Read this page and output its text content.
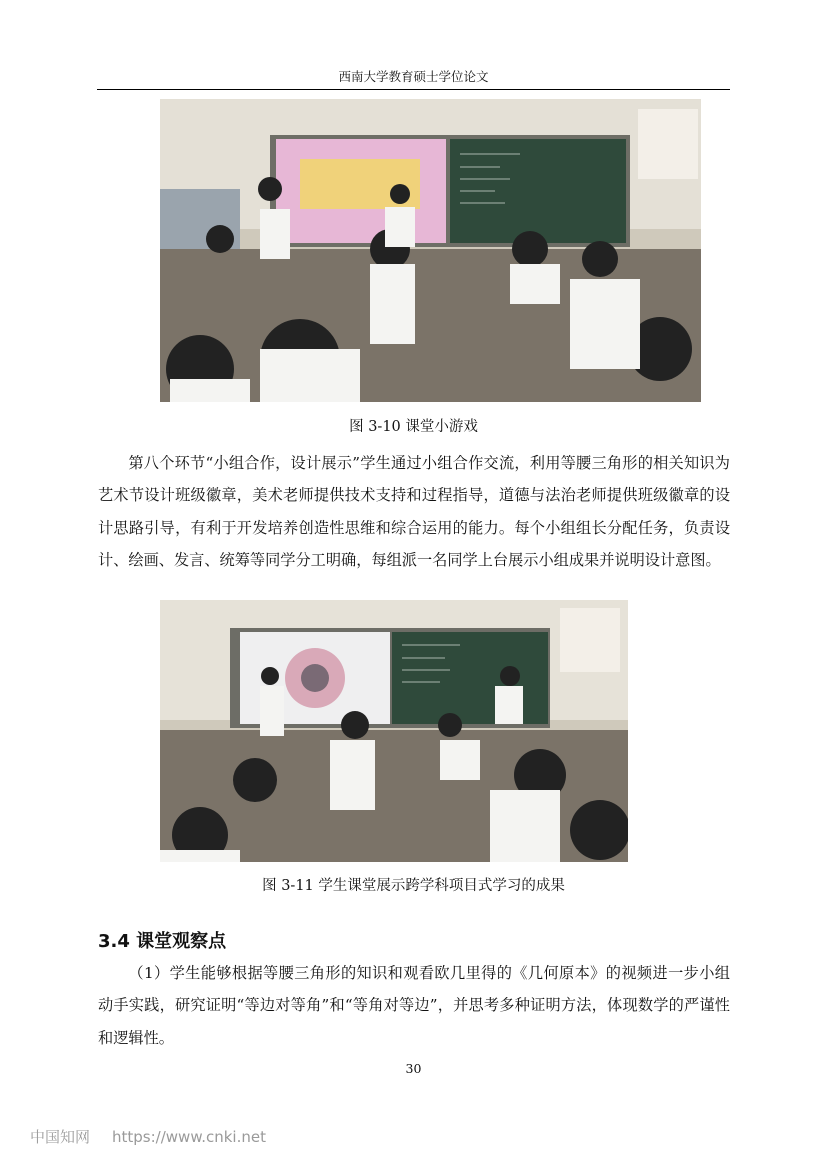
西南大学教育硕士学位论文
图 3-10 课堂小游戏

第八个环节“小组合作，设计展示”学生通过小组合作交流，利用等腰三角形的相关知识为艺术节设计班级徽章，美术老师提供技术支持和过程指导，道德与法治老师提供班级徽章的设计思路引导，有利于开发培养创造性思维和综合运用的能力。每个小组组长分配任务，负责设计、绘画、发言、统筹等同学分工明确，每组派一名同学上台展示小组成果并说明设计意图。

图 3-11 学生课堂展示跨学科项目式学习的成果
3.4 课堂观察点

（1）学生能够根据等腰三角形的知识和观看欧几里得的《几何原本》的视频进一步小组动手实践，研究证明“等边对等角”和“等角对等边”，并思考多种证明方法，体现数学的严谨性和逻辑性。

30
中国知网 https://www.cnki.net
